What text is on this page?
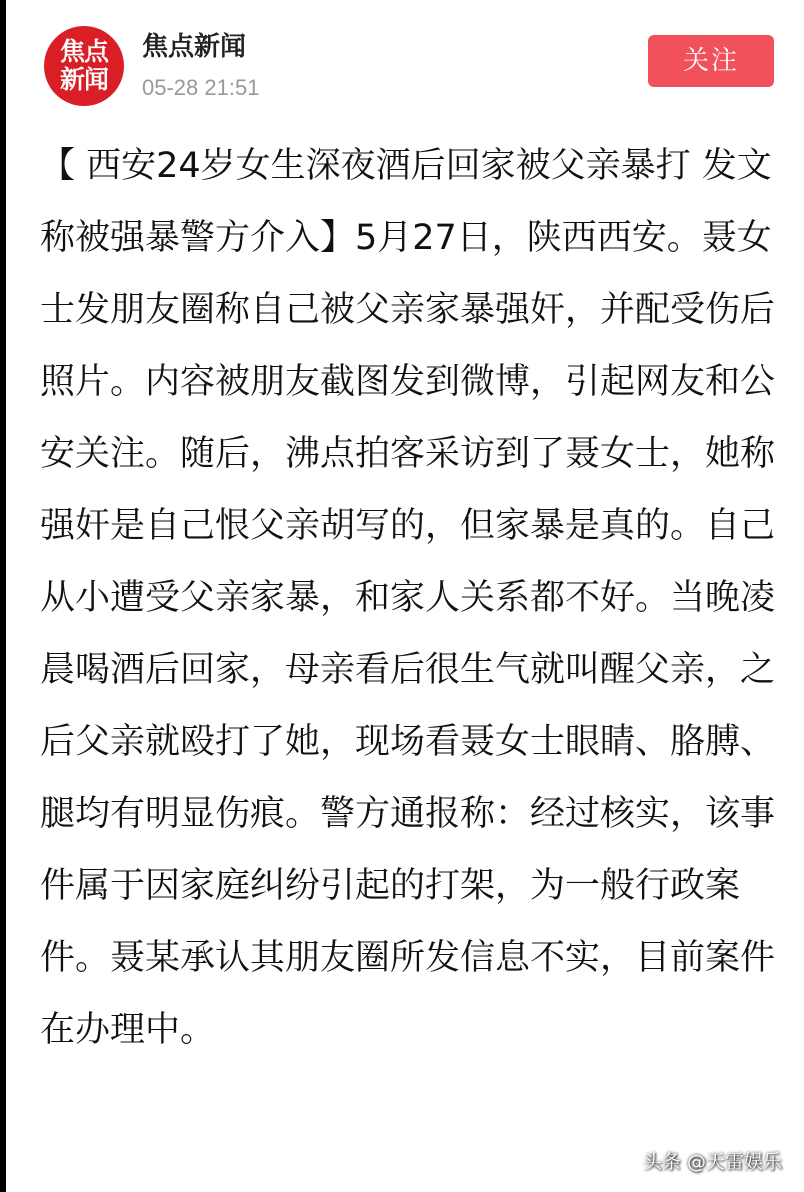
焦点
新闻
焦点新闻
05-28 21:51
关注

【 西安24岁女生深夜酒后回家被父亲暴打 发文称被强暴警方介入】5月27日，陕西西安。聂女士发朋友圈称自己被父亲家暴强奸，并配受伤后照片。内容被朋友截图发到微博，引起网友和公安关注。随后，沸点拍客采访到了聂女士，她称强奸是自己恨父亲胡写的，但家暴是真的。自己从小遭受父亲家暴，和家人关系都不好。当晚凌晨喝酒后回家，母亲看后很生气就叫醒父亲，之后父亲就殴打了她，现场看聂女士眼睛、胳膊、腿均有明显伤痕。警方通报称：经过核实，该事件属于因家庭纠纷引起的打架，为一般行政案件。聂某承认其朋友圈所发信息不实，目前案件在办理中。

头条 @天雷娱乐
